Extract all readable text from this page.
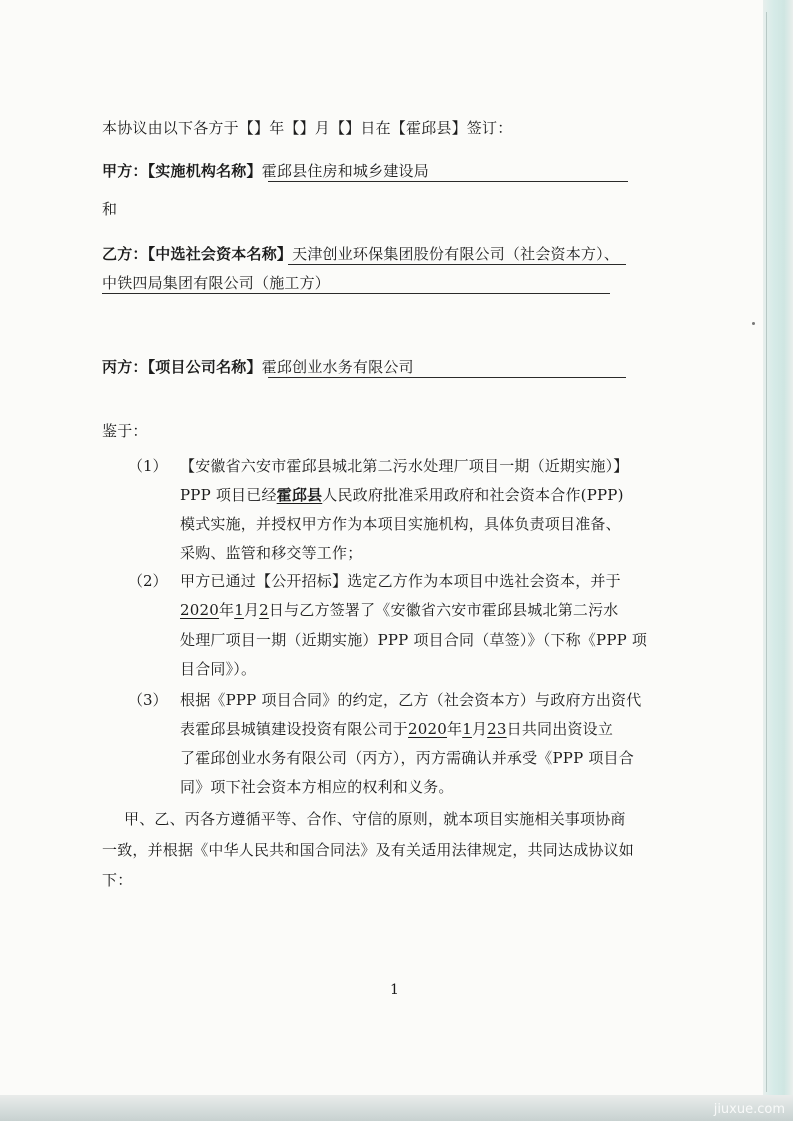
本协议由以下各方于【】年【】月【】日在【霍邱县】签订：
甲方：【实施机构名称】霍邱县住房和城乡建设局
和
乙方：【中选社会资本名称】天津创业环保集团股份有限公司（社会资本方）、
中铁四局集团有限公司（施工方）
丙方：【项目公司名称】霍邱创业水务有限公司
鉴于：
（1） 【安徽省六安市霍邱县城北第二污水处理厂项目一期（近期实施）】
PPP 项目已经霍邱县人民政府批准采用政府和社会资本合作(PPP)
模式实施，并授权甲方作为本项目实施机构，具体负责项目准备、
采购、监管和移交等工作；
（2） 甲方已通过【公开招标】选定乙方作为本项目中选社会资本，并于
2020年1月2日与乙方签署了《安徽省六安市霍邱县城北第二污水
处理厂项目一期（近期实施）PPP 项目合同（草签）》（下称《PPP 项
目合同》）。
（3） 根据《PPP 项目合同》的约定，乙方（社会资本方）与政府方出资代
表霍邱县城镇建设投资有限公司于2020年1月23日共同出资设立
了霍邱创业水务有限公司（丙方），丙方需确认并承受《PPP 项目合
同》项下社会资本方相应的权利和义务。
甲、乙、丙各方遵循平等、合作、守信的原则，就本项目实施相关事项协商
一致，并根据《中华人民共和国合同法》及有关适用法律规定，共同达成协议如
下：
1
jiuxue.com
